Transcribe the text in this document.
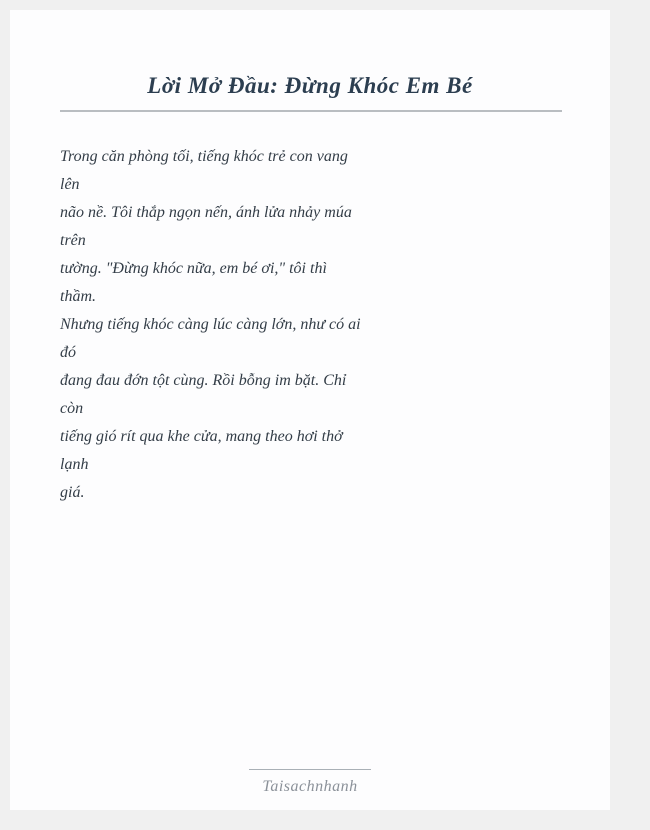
Lời Mở Đầu: Đừng Khóc Em Bé
Trong căn phòng tối, tiếng khóc trẻ con vang
lên
não nề. Tôi thắp ngọn nến, ánh lửa nhảy múa
trên
tường. "Đừng khóc nữa, em bé ơi," tôi thì
thầm.
Nhưng tiếng khóc càng lúc càng lớn, như có ai
đó
đang đau đớn tột cùng. Rồi bỗng im bặt. Chỉ
còn
tiếng gió rít qua khe cửa, mang theo hơi thở
lạnh
giá.
Taisachnhanh
